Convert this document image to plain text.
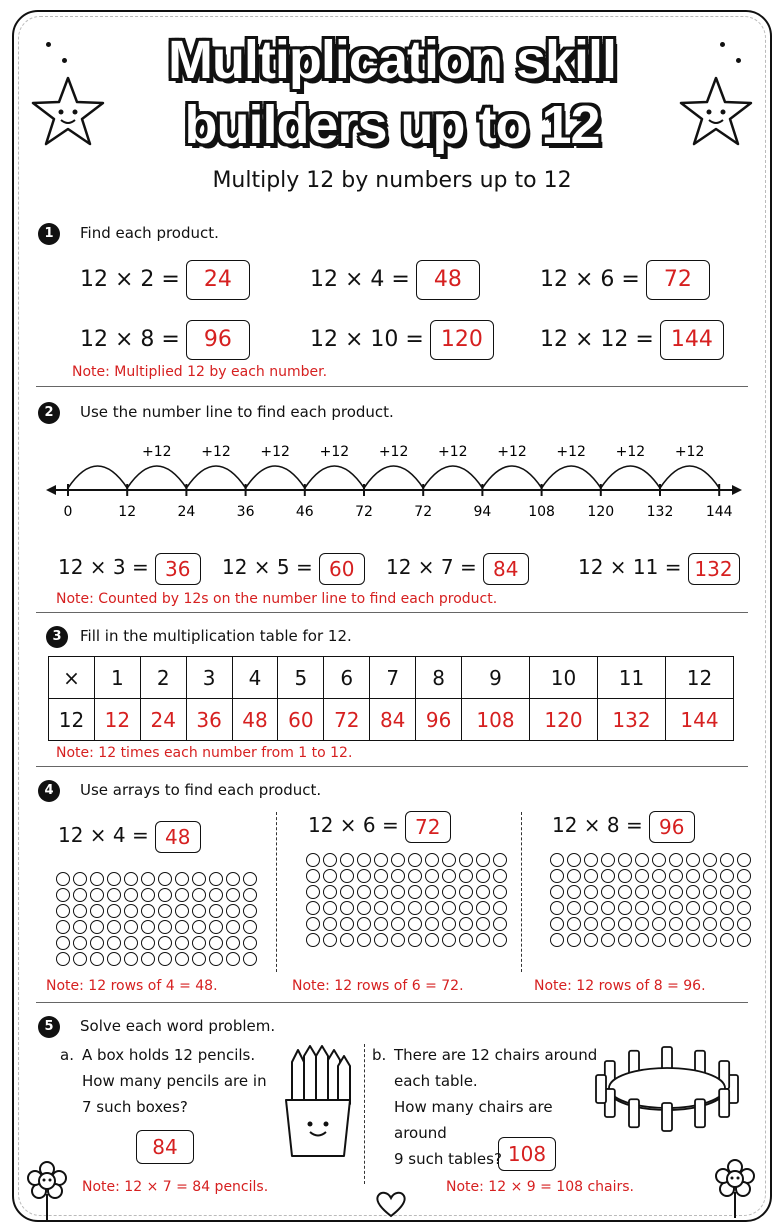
Multiplication skill
builders up to 12
Multiply 12 by numbers up to 12
1	Find each product.
12 × 2 = 24	12 × 4 = 48	12 × 6 = 72
12 × 8 = 96	12 × 10 = 120	12 × 12 = 144
Note: Multiplied 12 by each number.
2	Use the number line to find each product.
0	12	24	36	46	72	72	94	108 120 132 144
+12 +12 +12 +12 +12 +12 +12 +12 +12 +12
12 × 3 = 36	12 × 5 = 60	12 × 7 = 84	12 × 11 = 132
Note: Counted by 12s on the number line to find each product.
3	Fill in the multiplication table for 12.
×	1	2	3	4	5	6	7	8	9	10	11	12
12	12	24	36	48	60	72	84	96	108	120	132	144
Note: 12 times each number from 1 to 12.
4	Use arrays to find each product.
12 × 4 = 48	12 × 6 = 72	12 × 8 = 96
Note: 12 rows of 4 = 48.	Note: 12 rows of 6 = 72.	Note: 12 rows of 8 = 96.
5	Solve each word problem.
a. A box holds 12 pencils.
How many pencils are in
7 such boxes?
84
Note: 12 × 7 = 84 pencils.
b. There are 12 chairs around
each table.
How many chairs are around
9 such tables? 108
Note: 12 × 9 = 108 chairs.
